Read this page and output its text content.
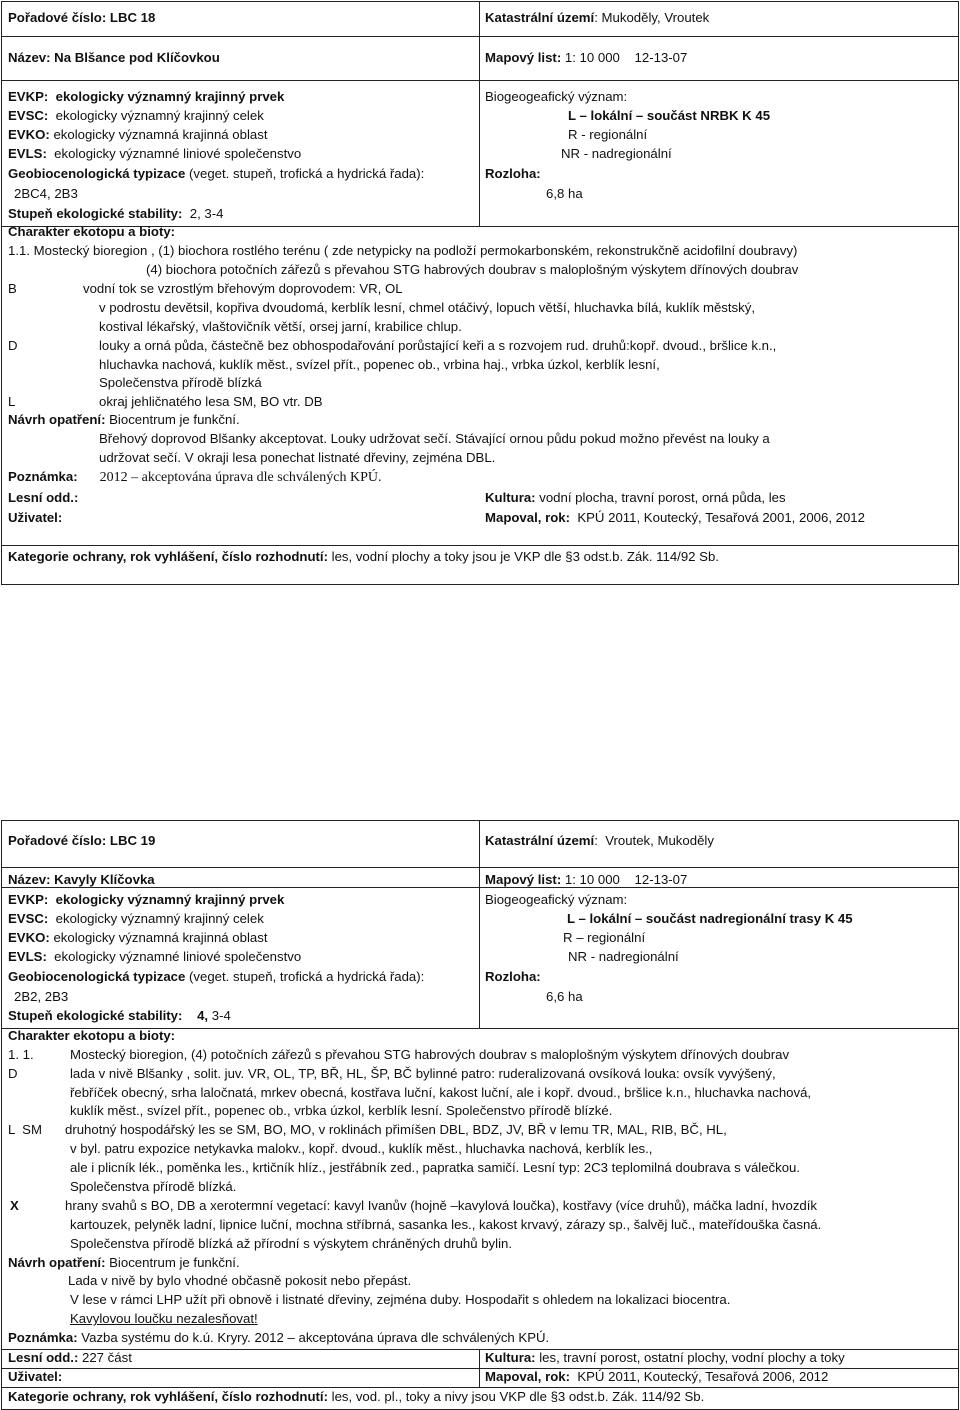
Pořadové číslo: LBC 18	Katastrální území: Mukoděly, Vroutek
Název: Na Blšance pod Klíčovkou	Mapový list: 1: 10 000    12-13-07
EVKP: ekologicky významný krajinný prvek
EVSC: ekologicky významný krajinný celek
EVKO: ekologicky významná krajinná oblast
EVLS: ekologicky významné liniové společenstvo
Biogeogeafický význam:
L – lokální – součást NRBK K 45
R - regionální
NR - nadregionální
Geobiocenologická typizace (veget. stupeň, trofická a hydrická řada):
2BC4, 2B3
Rozloha:
6,8 ha
Stupeň ekologické stability: 2, 3-4
Charakter ekotopu a bioty:
1.1. Mostecký bioregion , (1) biochora rostlého terénu ( zde netypicky na podloží permokarbonském, rekonstrukčně acidofilní doubravy)
(4) biochora potočních zářezů s převahou STG habrových doubrav s maloplošným výskytem dřínových doubrav
B	vodní tok se vzrostlým břehovým doprovodem: VR, OL
v podrostu devětsil, kopřiva dvoudomá, kerblík lesní, chmel otáčivý, lopuch větší, hluchavka bílá, kuklík městský,
kostival lékařský, vlaštovičník větší, orsej jarní, krabilice chlup.
D	louky a orná půda, částečně bez obhospodařování porůstající keři a s rozvojem rud. druhů:kopř. dvoud., bršlice k.n.,
hluchavka nachová, kuklík měst., svízel přít., popenec ob., vrbina haj., vrbka úzkol, kerblík lesní,
Společenstva přírodě blízká
L	okraj jehličnatého lesa SM, BO vtr. DB
Návrh opatření: Biocentrum je funkční.
Břehový doprovod Blšanky akceptovat. Louky udržovat sečí. Stávající ornou půdu pokud možno převést na louky a
udržovat sečí. V okraji lesa ponechat listnaté dřeviny, zejména DBL.
Poznámka: 2012 – akceptována úprava dle schválených KPÚ.
Lesní odd.:	Kultura: vodní plocha, travní porost, orná půda, les
Uživatel:	Mapoval, rok: KPÚ 2011, Koutecký, Tesařová 2001, 2006, 2012
Kategorie ochrany, rok vyhlášení, číslo rozhodnutí: les, vodní plochy a toky jsou je VKP dle §3 odst.b. Zák. 114/92 Sb.
Pořadové číslo: LBC 19	Katastrální území:  Vroutek, Mukoděly
Název: Kavyly Klíčovka	Mapový list: 1: 10 000    12-13-07
EVKP: ekologicky významný krajinný prvek
EVSC: ekologicky významný krajinný celek
EVKO: ekologicky významná krajinná oblast
EVLS: ekologicky významné liniové společenstvo
Biogeogeafický význam:
L – lokální – součást nadregionální trasy K 45
R – regionální
NR - nadregionální
Geobiocenologická typizace (veget. stupeň, trofická a hydrická řada):
2B2, 2B3
Rozloha:
6,6 ha
Stupeň ekologické stability: 4, 3-4
Charakter ekotopu a bioty:
1. 1.	Mostecký bioregion, (4) potočních zářezů s převahou STG habrových doubrav s maloplošným výskytem dřínových doubrav
D	lada v nivě Blšanky , solit. juv. VR, OL, TP, BŘ, HL, ŠP, BČ bylinné patro: ruderalizovaná ovsíková louka: ovsík vyvýšený,
řebříček obecný, srha laločnatá, mrkev obecná, kostřava luční, kakost luční, ale i kopř. dvoud., bršlice k.n., hluchavka nachová,
kuklík měst., svízel přít., popenec ob., vrbka úzkol, kerblík lesní. Společenstvo přírodě blízké.
L  SM druhotný hospodářský les se SM, BO, MO, v roklinách přimíšen DBL, BDZ, JV, BŘ v lemu TR, MAL, RIB, BČ, HL,
v byl. patru expozice netykavka malokv., kopř. dvoud., kuklík měst., hluchavka nachová, kerblík les.,
ale i plicník lék., poměnka les., krtičník hlíz., jestřábník zed., papratka samičí. Lesní typ: 2C3 teplomilná doubrava s válečkou.
Společenstva přírodě blízká.
X	hrany svahů s BO, DB a xerotermní vegetací: kavyl Ivanův (hojně –kavylová loučka), kostřavy (více druhů), máčka ladní, hvozdík
kartouzek, pelyněk ladní, lipnice luční, mochna stříbrná, sasanka les., kakost krvavý, zárazy sp., šalvěj luč., mateřídouška časná.
Společenstva přírodě blízká až přírodní s výskytem chráněných druhů bylin.
Návrh opatření: Biocentrum je funkční.
Lada v nivě by bylo vhodné občasně pokosit nebo přepást.
V lese v rámci LHP užít při obnově i listnaté dřeviny, zejména duby. Hospodařit s ohledem na lokalizaci biocentra.
Kavylovou loučku nezalesňovat!
Poznámka: Vazba systému do k.ú. Kryry. 2012 – akceptována úprava dle schválených KPÚ.
Lesní odd.: 227 část	Kultura: les, travní porost, ostatní plochy, vodní plochy a toky
Uživatel:	Mapoval, rok: KPÚ 2011, Koutecký, Tesařová 2006, 2012
Kategorie ochrany, rok vyhlášení, číslo rozhodnutí: les, vod. pl., toky a nivy jsou VKP dle §3 odst.b. Zák. 114/92 Sb.
